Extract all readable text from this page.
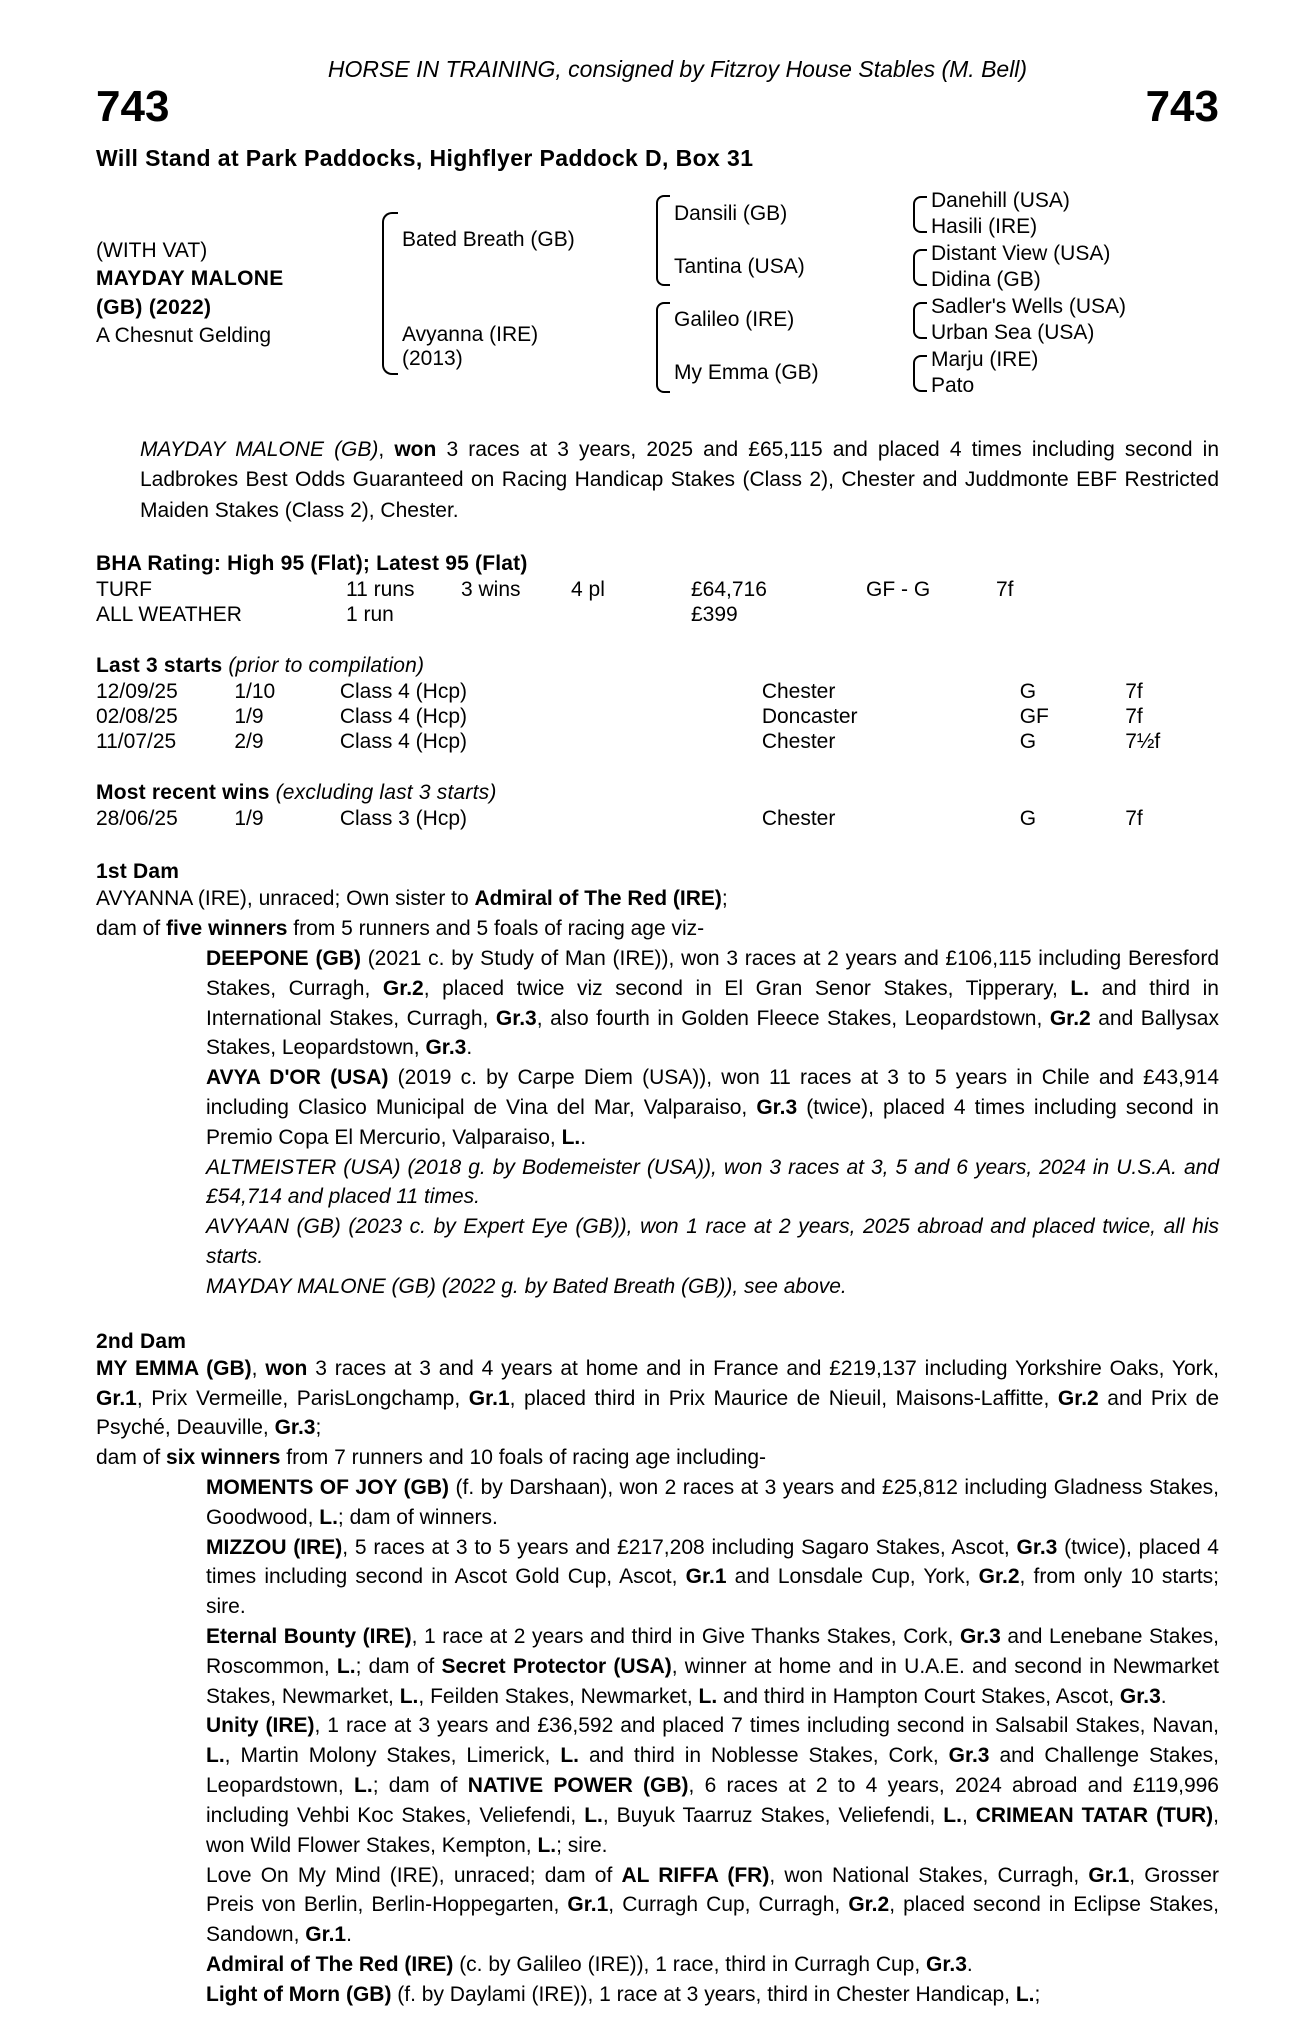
HORSE IN TRAINING, consigned by Fitzroy House Stables (M. Bell)
743	743
Will Stand at Park Paddocks, Highflyer Paddock D, Box 31
(WITH VAT)
MAYDAY MALONE
(GB) (2022)
A Chesnut Gelding
Bated Breath (GB)
Avyanna (IRE)
(2013)
Dansili (GB)
Tantina (USA)
Galileo (IRE)
My Emma (GB)
Danehill (USA)
Hasili (IRE)
Distant View (USA)
Didina (GB)
Sadler's Wells (USA)
Urban Sea (USA)
Marju (IRE)
Pato
MAYDAY MALONE (GB), won 3 races at 3 years, 2025 and £65,115 and placed 4 times including second in Ladbrokes Best Odds Guaranteed on Racing Handicap Stakes (Class 2), Chester and Juddmonte EBF Restricted Maiden Stakes (Class 2), Chester.
BHA Rating: High 95 (Flat); Latest 95 (Flat)
TURF	11 runs	3 wins	4 pl	£64,716	GF - G	7f
ALL WEATHER	1 run			£399		
Last 3 starts (prior to compilation)
12/09/25	1/10	Class 4 (Hcp)	Chester	G	7f
02/08/25	1/9	Class 4 (Hcp)	Doncaster	GF	7f
11/07/25	2/9	Class 4 (Hcp)	Chester	G	7½f
Most recent wins (excluding last 3 starts)
28/06/25	1/9	Class 3 (Hcp)	Chester	G	7f
1st Dam
AVYANNA (IRE), unraced; Own sister to Admiral of The Red (IRE);
dam of five winners from 5 runners and 5 foals of racing age viz-
DEEPONE (GB) (2021 c. by Study of Man (IRE)), won 3 races at 2 years and £106,115 including Beresford Stakes, Curragh, Gr.2, placed twice viz second in El Gran Senor Stakes, Tipperary, L. and third in International Stakes, Curragh, Gr.3, also fourth in Golden Fleece Stakes, Leopardstown, Gr.2 and Ballysax Stakes, Leopardstown, Gr.3.
AVYA D'OR (USA) (2019 c. by Carpe Diem (USA)), won 11 races at 3 to 5 years in Chile and £43,914 including Clasico Municipal de Vina del Mar, Valparaiso, Gr.3 (twice), placed 4 times including second in Premio Copa El Mercurio, Valparaiso, L..
ALTMEISTER (USA) (2018 g. by Bodemeister (USA)), won 3 races at 3, 5 and 6 years, 2024 in U.S.A. and £54,714 and placed 11 times.
AVYAAN (GB) (2023 c. by Expert Eye (GB)), won 1 race at 2 years, 2025 abroad and placed twice, all his starts.
MAYDAY MALONE (GB) (2022 g. by Bated Breath (GB)), see above.
2nd Dam
MY EMMA (GB), won 3 races at 3 and 4 years at home and in France and £219,137 including Yorkshire Oaks, York, Gr.1, Prix Vermeille, ParisLongchamp, Gr.1, placed third in Prix Maurice de Nieuil, Maisons-Laffitte, Gr.2 and Prix de Psyché, Deauville, Gr.3;
dam of six winners from 7 runners and 10 foals of racing age including-
MOMENTS OF JOY (GB) (f. by Darshaan), won 2 races at 3 years and £25,812 including Gladness Stakes, Goodwood, L.; dam of winners.
MIZZOU (IRE), 5 races at 3 to 5 years and £217,208 including Sagaro Stakes, Ascot, Gr.3 (twice), placed 4 times including second in Ascot Gold Cup, Ascot, Gr.1 and Lonsdale Cup, York, Gr.2, from only 10 starts; sire.
Eternal Bounty (IRE), 1 race at 2 years and third in Give Thanks Stakes, Cork, Gr.3 and Lenebane Stakes, Roscommon, L.; dam of Secret Protector (USA), winner at home and in U.A.E. and second in Newmarket Stakes, Newmarket, L., Feilden Stakes, Newmarket, L. and third in Hampton Court Stakes, Ascot, Gr.3.
Unity (IRE), 1 race at 3 years and £36,592 and placed 7 times including second in Salsabil Stakes, Navan, L., Martin Molony Stakes, Limerick, L. and third in Noblesse Stakes, Cork, Gr.3 and Challenge Stakes, Leopardstown, L.; dam of NATIVE POWER (GB), 6 races at 2 to 4 years, 2024 abroad and £119,996 including Vehbi Koc Stakes, Veliefendi, L., Buyuk Taarruz Stakes, Veliefendi, L., CRIMEAN TATAR (TUR), won Wild Flower Stakes, Kempton, L.; sire.
Love On My Mind (IRE), unraced; dam of AL RIFFA (FR), won National Stakes, Curragh, Gr.1, Grosser Preis von Berlin, Berlin-Hoppegarten, Gr.1, Curragh Cup, Curragh, Gr.2, placed second in Eclipse Stakes, Sandown, Gr.1.
Admiral of The Red (IRE) (c. by Galileo (IRE)), 1 race, third in Curragh Cup, Gr.3.
Light of Morn (GB) (f. by Daylami (IRE)), 1 race at 3 years, third in Chester Handicap, L.;
